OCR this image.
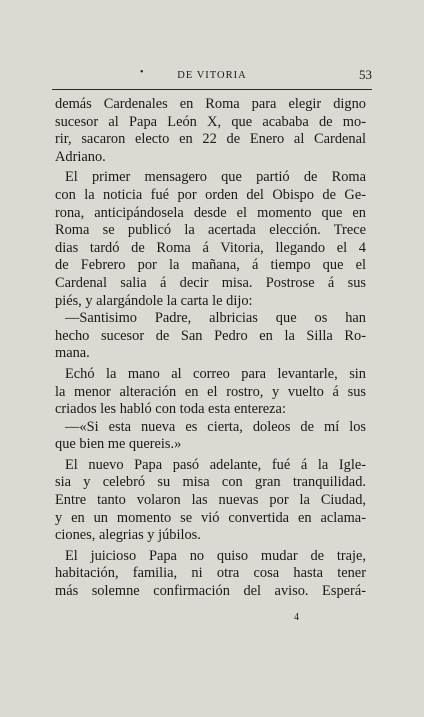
•	DE VITORIA	53
demás Cardenales en Roma para elegir digno
sucesor al Papa León X, que acababa de mo-
rir, sacaron electo en 22 de Enero al Cardenal
Adriano.
El primer mensagero que partió de Roma
con la noticia fué por orden del Obispo de Ge-
rona, anticipándosela desde el momento que en
Roma se publicó la acertada elección. Trece
dias tardó de Roma á Vitoria, llegando el 4
de Febrero por la mañana, á tiempo que el
Cardenal salia á decir misa. Postrose á sus
piés, y alargándole la carta le dijo:
—Santisimo Padre, albricias que os han
hecho sucesor de San Pedro en la Silla Ro-
mana.
Echó la mano al correo para levantarle, sin
la menor alteración en el rostro, y vuelto á sus
criados les habló con toda esta entereza:
—«Si esta nueva es cierta, doleos de mí los
que bien me quereis.»
El nuevo Papa pasó adelante, fué á la Igle-
sia y celebró su misa con gran tranquilidad.
Entre tanto volaron las nuevas por la Ciudad,
y en un momento se vió convertida en aclama-
ciones, alegrias y júbilos.
El juicioso Papa no quiso mudar de traje,
habitación, familia, ni otra cosa hasta tener
más solemne confirmación del aviso. Esperá-
4
